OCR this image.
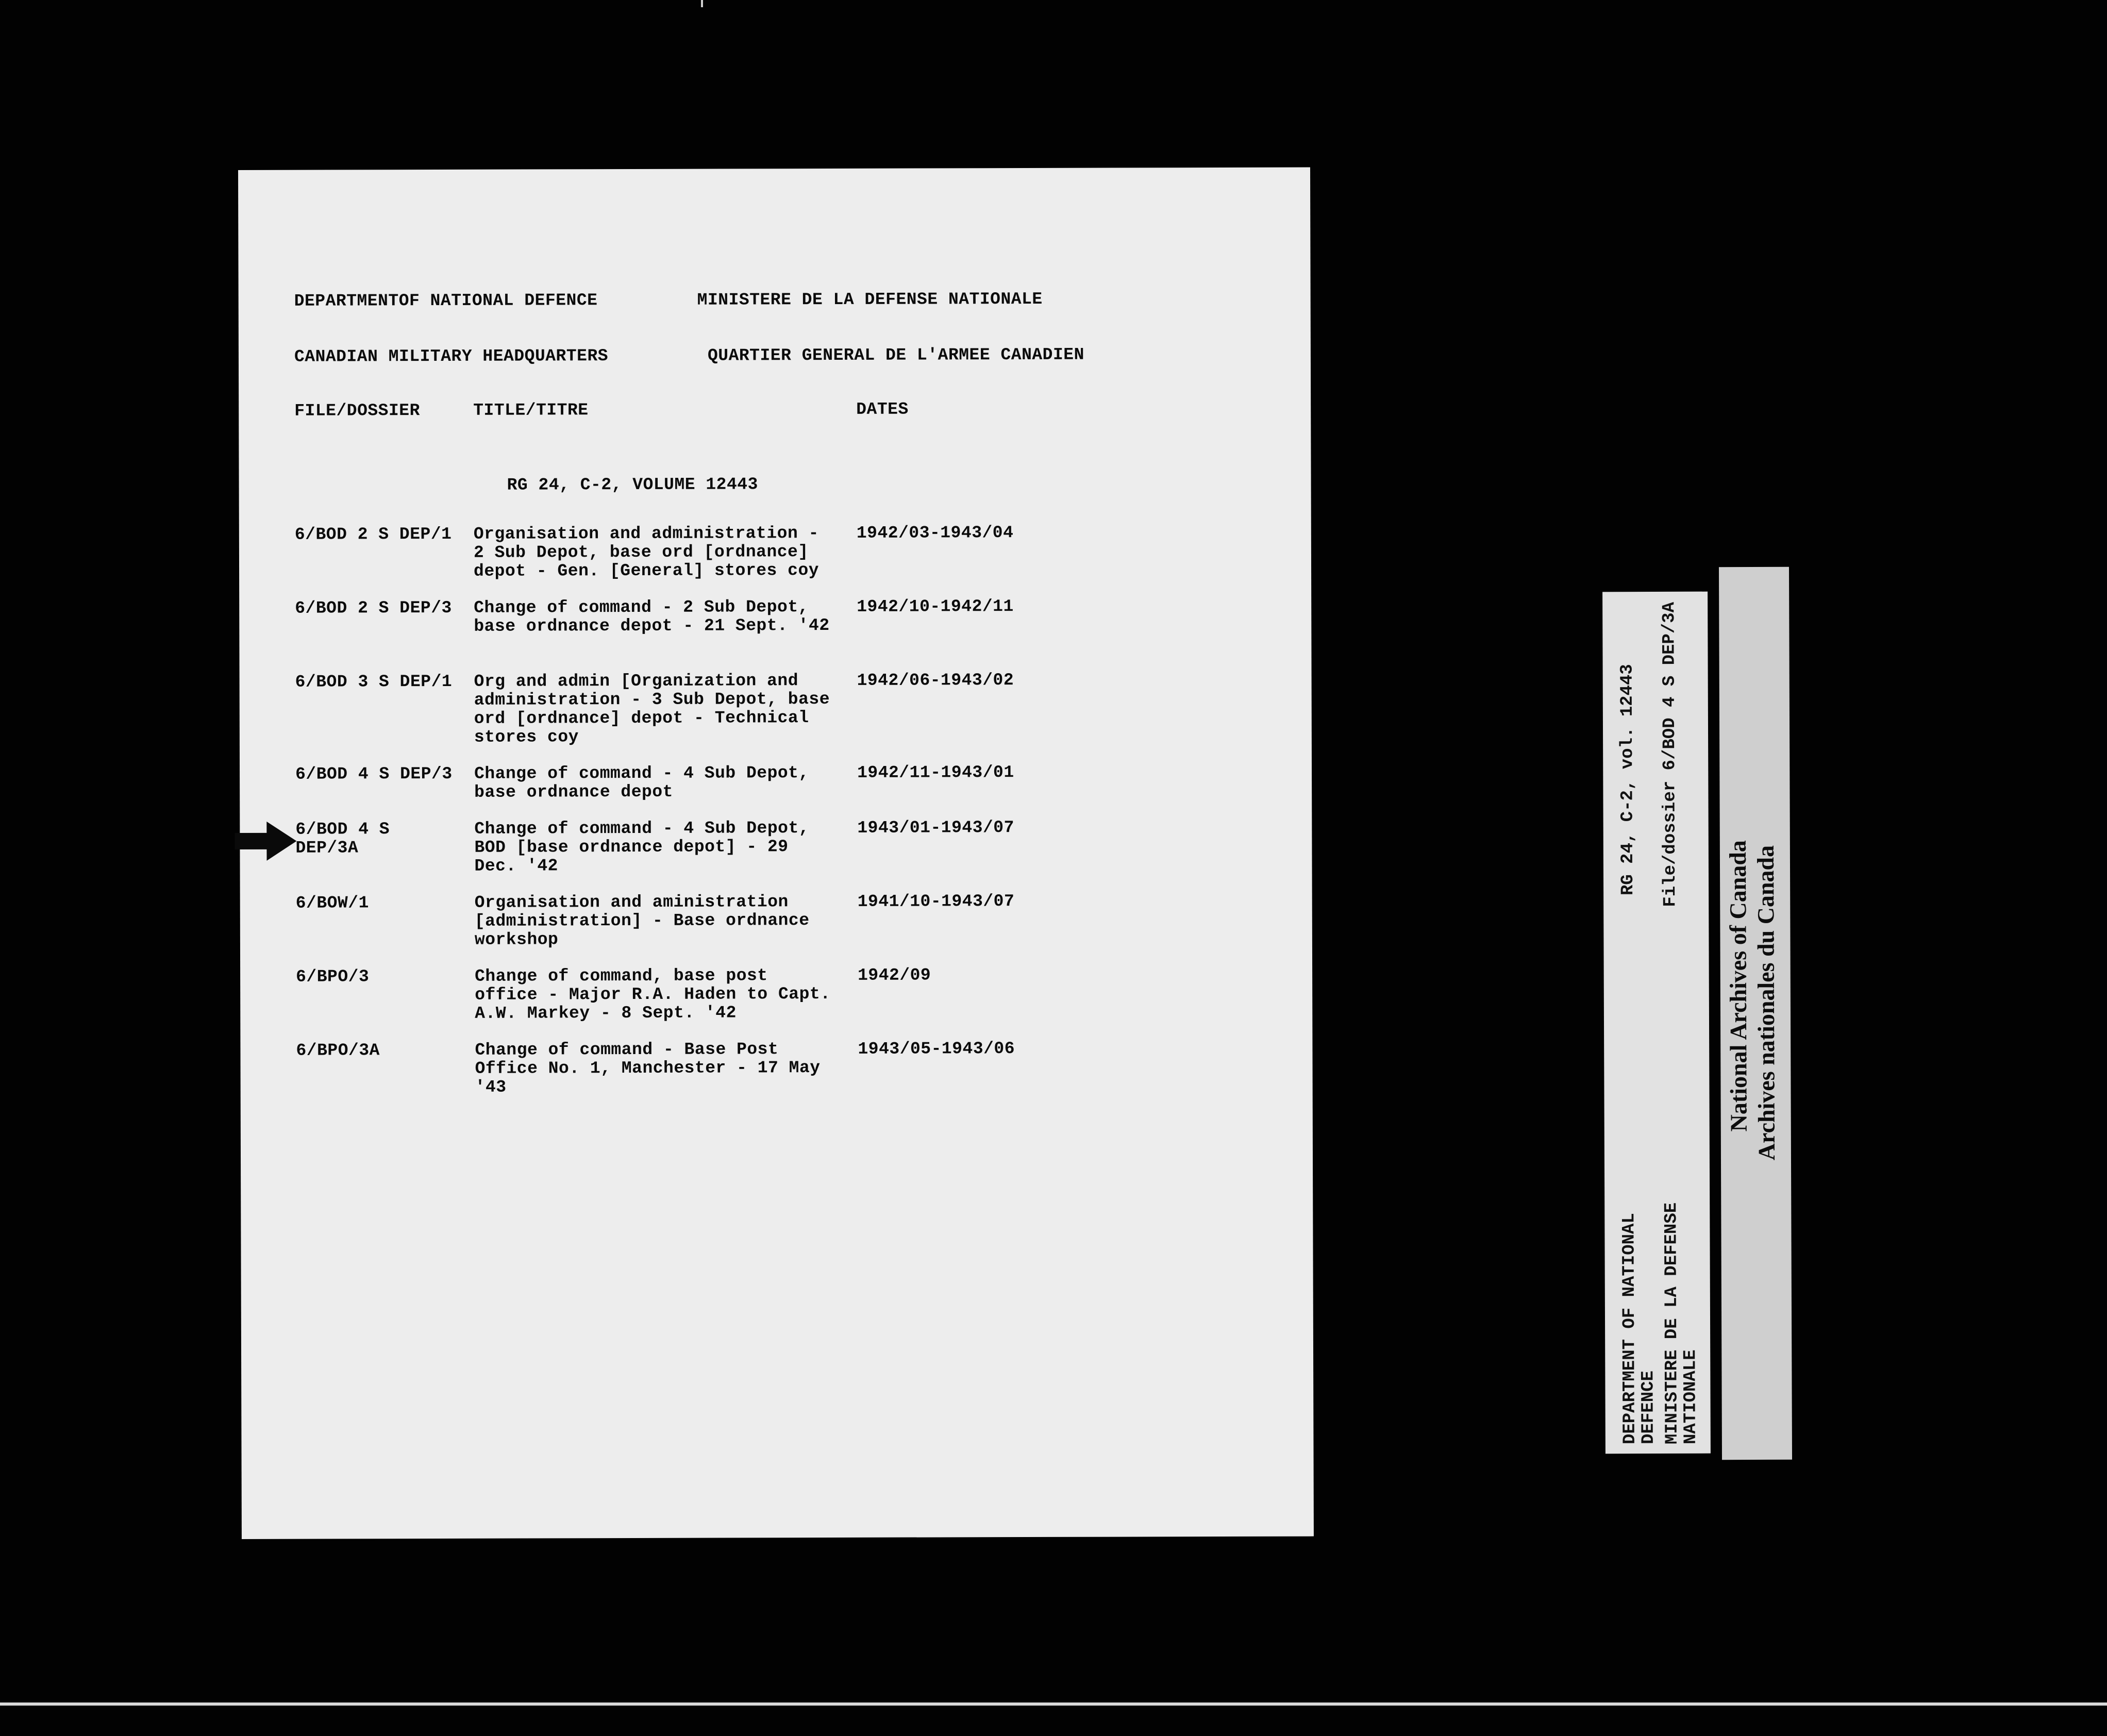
DEPARTMENTOF NATIONAL DEFENCE	MINISTERE DE LA DEFENSE NATIONALE
CANADIAN MILITARY HEADQUARTERS	QUARTIER GENERAL DE L'ARMEE CANADIEN
FILE/DOSSIER	TITLE/TITRE	DATES
RG 24, C-2, VOLUME 12443
6/BOD 2 S DEP/1	Organisation and administration -
2 Sub Depot, base ord [ordnance]
depot - Gen. [General] stores coy
1942/03-1943/04
6/BOD 2 S DEP/3	Change of command - 2 Sub Depot,
base ordnance depot - 21 Sept. '42
1942/10-1942/11
6/BOD 3 S DEP/1	Org and admin [Organization and
administration - 3 Sub Depot, base
ord [ordnance] depot - Technical
stores coy
1942/06-1943/02
6/BOD 4 S DEP/3	Change of command - 4 Sub Depot,
base ordnance depot
1942/11-1943/01
6/BOD 4 S
DEP/3A
Change of command - 4 Sub Depot,
BOD [base ordnance depot] - 29
Dec. '42
1943/01-1943/07
6/BOW/1	Organisation and aministration
[administration] - Base ordnance
workshop
1941/10-1943/07
6/BPO/3	Change of command, base post
office - Major R.A. Haden to Capt.
A.W. Markey - 8 Sept. '42
1942/09
6/BPO/3A	Change of command - Base Post
Office No. 1, Manchester - 17 May
'43
1943/05-1943/06
DEPARTMENT OF NATIONAL
DEFENCE
RG 24, C-2, vol. 12443
MINISTERE DE LA DEFENSE
NATIONALE
File/dossier 6/BOD 4 S DEP/3A
National Archives of Canada Archives nationales du Canada
